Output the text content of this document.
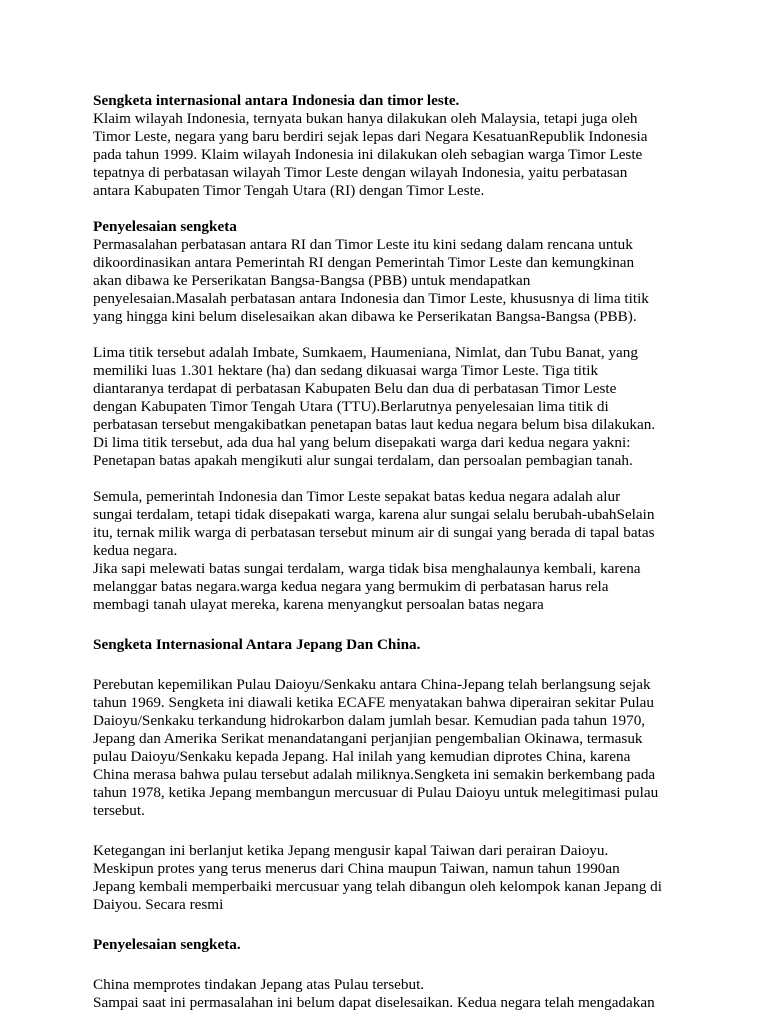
Sengketa internasional antara Indonesia dan timor leste.
Klaim wilayah Indonesia, ternyata bukan hanya dilakukan oleh Malaysia, tetapi juga oleh
Timor Leste, negara yang baru berdiri sejak lepas dari Negara KesatuanRepublik Indonesia
pada tahun 1999. Klaim wilayah Indonesia ini dilakukan oleh sebagian warga Timor Leste
tepatnya di perbatasan wilayah Timor Leste dengan wilayah Indonesia, yaitu perbatasan
antara Kabupaten Timor Tengah Utara (RI) dengan Timor Leste.
Penyelesaian sengketa
Permasalahan perbatasan antara RI dan Timor Leste itu kini sedang dalam rencana untuk
dikoordinasikan antara Pemerintah RI dengan Pemerintah Timor Leste dan kemungkinan
akan dibawa ke Perserikatan Bangsa-Bangsa (PBB) untuk mendapatkan
penyelesaian.Masalah perbatasan antara Indonesia dan Timor Leste, khususnya di lima titik
yang hingga kini belum diselesaikan akan dibawa ke Perserikatan Bangsa-Bangsa (PBB).
Lima titik tersebut adalah Imbate, Sumkaem, Haumeniana, Nimlat, dan Tubu Banat, yang
memiliki luas 1.301 hektare (ha) dan sedang dikuasai warga Timor Leste. Tiga titik
diantaranya terdapat di perbatasan Kabupaten Belu dan dua di perbatasan Timor Leste
dengan Kabupaten Timor Tengah Utara (TTU).Berlarutnya penyelesaian lima titik di
perbatasan tersebut mengakibatkan penetapan batas laut kedua negara belum bisa dilakukan.
Di lima titik tersebut, ada dua hal yang belum disepakati warga dari kedua negara yakni:
Penetapan batas apakah mengikuti alur sungai terdalam, dan persoalan pembagian tanah.
Semula, pemerintah Indonesia dan Timor Leste sepakat batas kedua negara adalah alur
sungai terdalam, tetapi tidak disepakati warga, karena alur sungai selalu berubah-ubahSelain
itu, ternak milik warga di perbatasan tersebut minum air di sungai yang berada di tapal batas
kedua negara.
Jika sapi melewati batas sungai terdalam, warga tidak bisa menghalaunya kembali, karena
melanggar batas negara.warga kedua negara yang bermukim di perbatasan harus rela
membagi tanah ulayat mereka, karena menyangkut persoalan batas negara
Sengketa Internasional Antara Jepang Dan China.
Perebutan kepemilikan Pulau Daioyu/Senkaku antara China-Jepang telah berlangsung sejak
tahun 1969. Sengketa ini diawali ketika ECAFE menyatakan bahwa diperairan sekitar Pulau
Daioyu/Senkaku terkandung hidrokarbon dalam jumlah besar. Kemudian pada tahun 1970,
Jepang dan Amerika Serikat menandatangani perjanjian pengembalian Okinawa, termasuk
pulau Daioyu/Senkaku kepada Jepang. Hal inilah yang kemudian diprotes China, karena
China merasa bahwa pulau tersebut adalah miliknya.Sengketa ini semakin berkembang pada
tahun 1978, ketika Jepang membangun mercusuar di Pulau Daioyu untuk melegitimasi pulau
tersebut.
Ketegangan ini berlanjut ketika Jepang mengusir kapal Taiwan dari perairan Daioyu.
Meskipun protes yang terus menerus dari China maupun Taiwan, namun tahun 1990an
Jepang kembali memperbaiki mercusuar yang telah dibangun oleh kelompok kanan Jepang di
Daiyou. Secara resmi
Penyelesaian sengketa.
China memprotes tindakan Jepang atas Pulau tersebut.
Sampai saat ini permasalahan ini belum dapat diselesaikan. Kedua negara telah mengadakan
